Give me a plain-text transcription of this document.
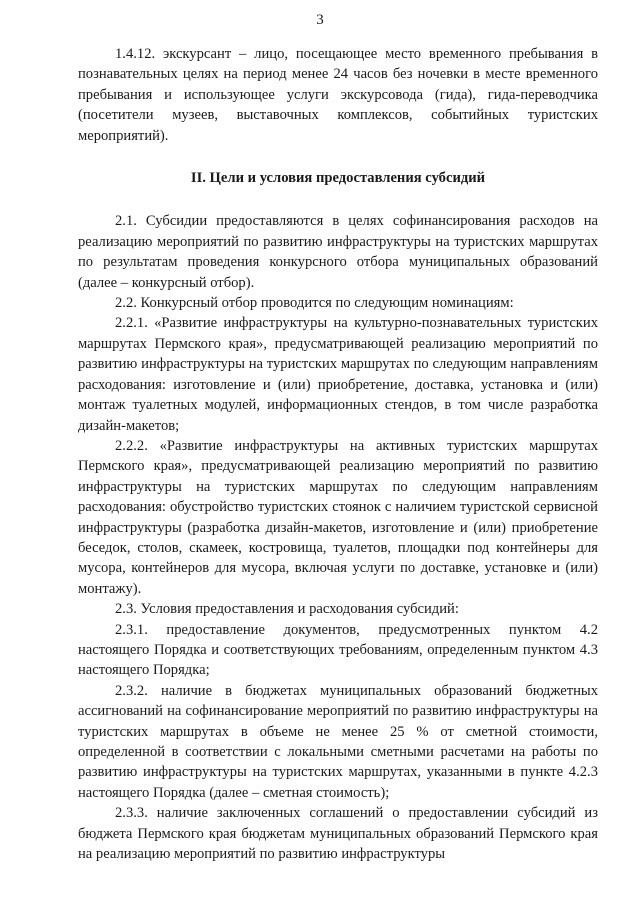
3

1.4.12. экскурсант – лицо, посещающее место временного пребывания в познавательных целях на период менее 24 часов без ночевки в месте временного пребывания и использующее услуги экскурсовода (гида), гида-переводчика (посетители музеев, выставочных комплексов, событийных туристских мероприятий).

II. Цели и условия предоставления субсидий

2.1. Субсидии предоставляются в целях софинансирования расходов на реализацию мероприятий по развитию инфраструктуры на туристских маршрутах по результатам проведения конкурсного отбора муниципальных образований (далее – конкурсный отбор).

2.2. Конкурсный отбор проводится по следующим номинациям:

2.2.1. «Развитие инфраструктуры на культурно-познавательных туристских маршрутах Пермского края», предусматривающей реализацию мероприятий по развитию инфраструктуры на туристских маршрутах по следующим направлениям расходования: изготовление и (или) приобретение, доставка, установка и (или) монтаж туалетных модулей, информационных стендов, в том числе разработка дизайн-макетов;

2.2.2. «Развитие инфраструктуры на активных туристских маршрутах Пермского края», предусматривающей реализацию мероприятий по развитию инфраструктуры на туристских маршрутах по следующим направлениям расходования: обустройство туристских стоянок с наличием туристской сервисной инфраструктуры (разработка дизайн-макетов, изготовление и (или) приобретение беседок, столов, скамеек, костровища, туалетов, площадки под контейнеры для мусора, контейнеров для мусора, включая услуги по доставке, установке и (или) монтажу).

2.3. Условия предоставления и расходования субсидий:

2.3.1. предоставление документов, предусмотренных пунктом 4.2 настоящего Порядка и соответствующих требованиям, определенным пунктом 4.3 настоящего Порядка;

2.3.2. наличие в бюджетах муниципальных образований бюджетных ассигнований на софинансирование мероприятий по развитию инфраструктуры на туристских маршрутах в объеме не менее 25 % от сметной стоимости, определенной в соответствии с локальными сметными расчетами на работы по развитию инфраструктуры на туристских маршрутах, указанными в пункте 4.2.3 настоящего Порядка (далее – сметная стоимость);

2.3.3. наличие заключенных соглашений о предоставлении субсидий из бюджета Пермского края бюджетам муниципальных образований Пермского края на реализацию мероприятий по развитию инфраструктуры
